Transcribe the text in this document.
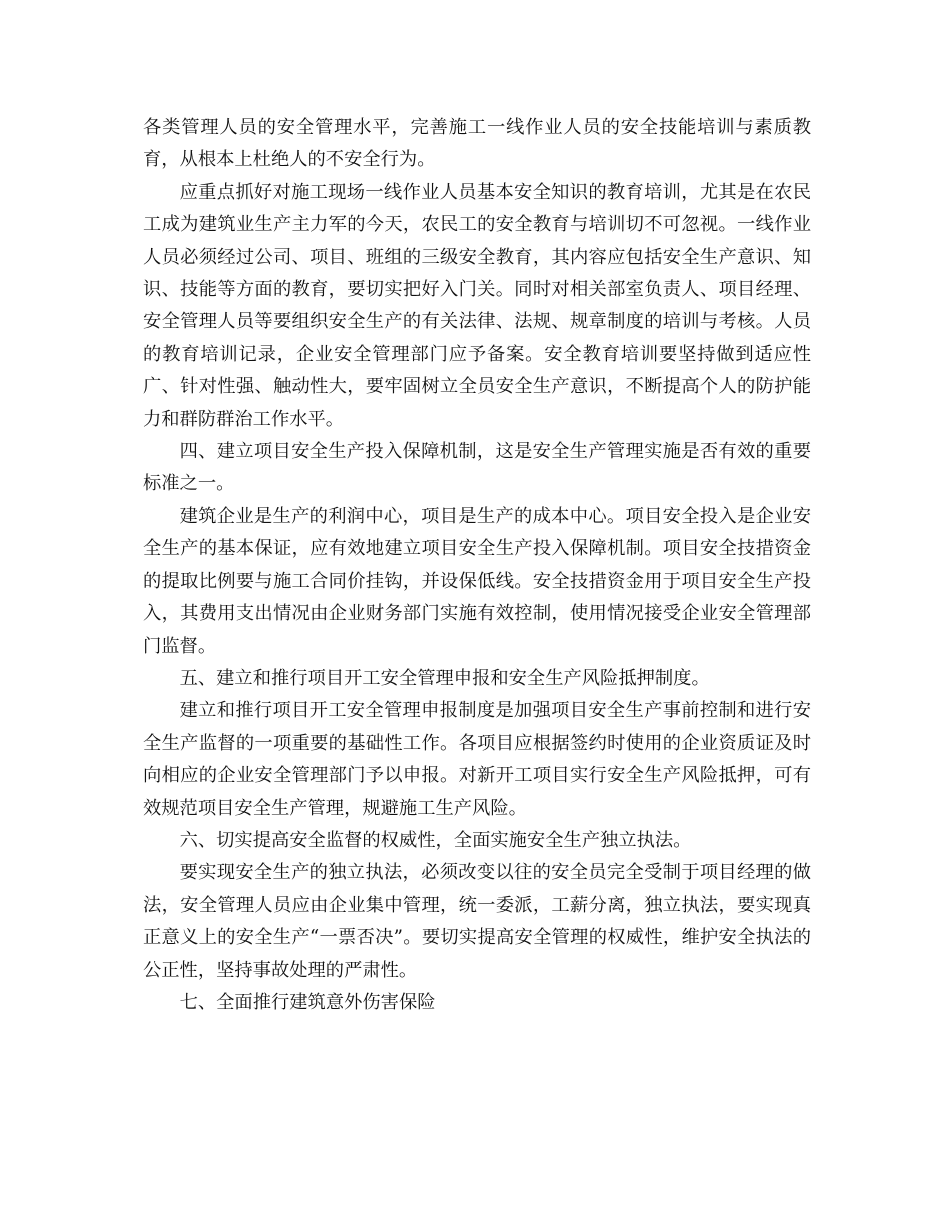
各类管理人员的安全管理水平，完善施工一线作业人员的安全技能培训与素质教育，从根本上杜绝人的不安全行为。

应重点抓好对施工现场一线作业人员基本安全知识的教育培训，尤其是在农民工成为建筑业生产主力军的今天，农民工的安全教育与培训切不可忽视。一线作业人员必须经过公司、项目、班组的三级安全教育，其内容应包括安全生产意识、知识、技能等方面的教育，要切实把好入门关。同时对相关部室负责人、项目经理、安全管理人员等要组织安全生产的有关法律、法规、规章制度的培训与考核。人员的教育培训记录，企业安全管理部门应予备案。安全教育培训要坚持做到适应性广、针对性强、触动性大，要牢固树立全员安全生产意识，不断提高个人的防护能力和群防群治工作水平。

四、建立项目安全生产投入保障机制，这是安全生产管理实施是否有效的重要标准之一。

建筑企业是生产的利润中心，项目是生产的成本中心。项目安全投入是企业安全生产的基本保证，应有效地建立项目安全生产投入保障机制。项目安全技措资金的提取比例要与施工合同价挂钩，并设保低线。安全技措资金用于项目安全生产投入，其费用支出情况由企业财务部门实施有效控制，使用情况接受企业安全管理部门监督。

五、建立和推行项目开工安全管理申报和安全生产风险抵押制度。

建立和推行项目开工安全管理申报制度是加强项目安全生产事前控制和进行安全生产监督的一项重要的基础性工作。各项目应根据签约时使用的企业资质证及时向相应的企业安全管理部门予以申报。对新开工项目实行安全生产风险抵押，可有效规范项目安全生产管理，规避施工生产风险。

六、切实提高安全监督的权威性，全面实施安全生产独立执法。

要实现安全生产的独立执法，必须改变以往的安全员完全受制于项目经理的做法，安全管理人员应由企业集中管理，统一委派，工薪分离，独立执法，要实现真正意义上的安全生产“一票否决”。要切实提高安全管理的权威性，维护安全执法的公正性，坚持事故处理的严肃性。

七、全面推行建筑意外伤害保险
